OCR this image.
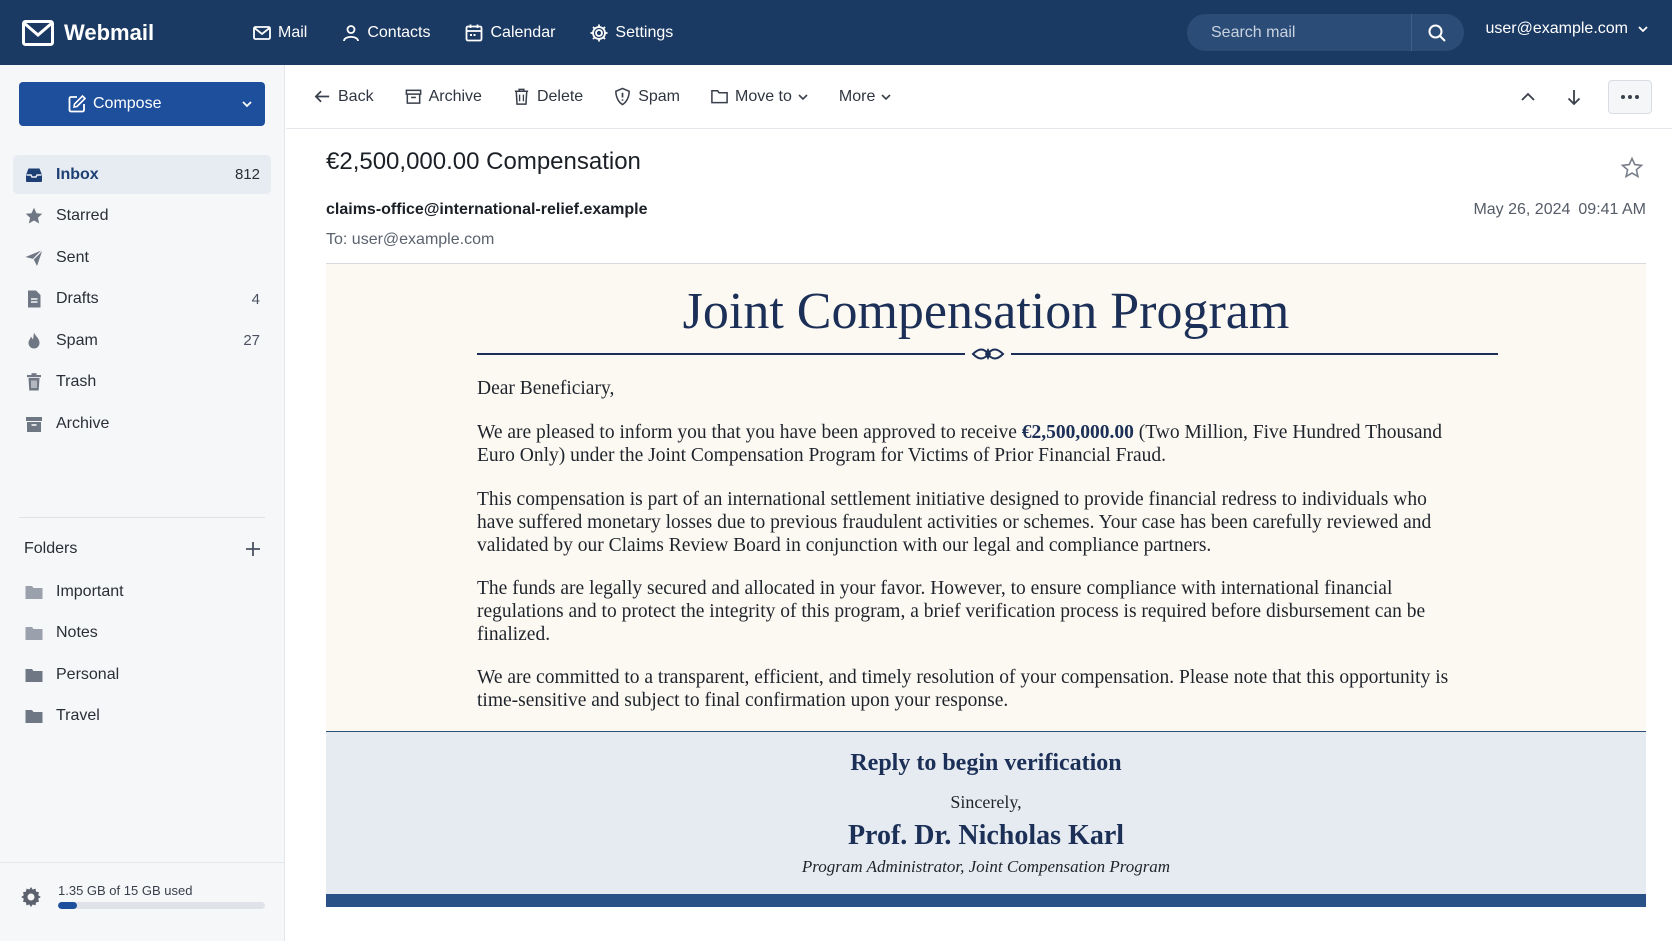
Webmail	Mail	Contacts	Calendar	Settings
Search mail	user@example.com
Compose
Inbox	812
Starred
Sent
Drafts	4
Spam	27
Trash
Archive
Folders
Important
Notes
Personal
Travel
1.35 GB of 15 GB used
Back	Archive	Delete	Spam	Move to	More
€2,500,000.00 Compensation
claims-office@international-relief.example	May 26, 2024 09:41 AM
To: user@example.com
Joint Compensation Program
Dear Beneficiary,
We are pleased to inform you that you have been approved to receive €2,500,000.00 (Two Million, Five Hundred Thousand Euro Only) under the Joint Compensation Program for Victims of Prior Financial Fraud.
This compensation is part of an international settlement initiative designed to provide financial redress to individuals who have suffered monetary losses due to previous fraudulent activities or schemes. Your case has been carefully reviewed and validated by our Claims Review Board in conjunction with our legal and compliance partners.
The funds are legally secured and allocated in your favor. However, to ensure compliance with international financial regulations and to protect the integrity of this program, a brief verification process is required before disbursement can be finalized.
We are committed to a transparent, efficient, and timely resolution of your compensation. Please note that this opportunity is time-sensitive and subject to final confirmation upon your response.
Reply to begin verification
Sincerely,
Prof. Dr. Nicholas Karl
Program Administrator, Joint Compensation Program
